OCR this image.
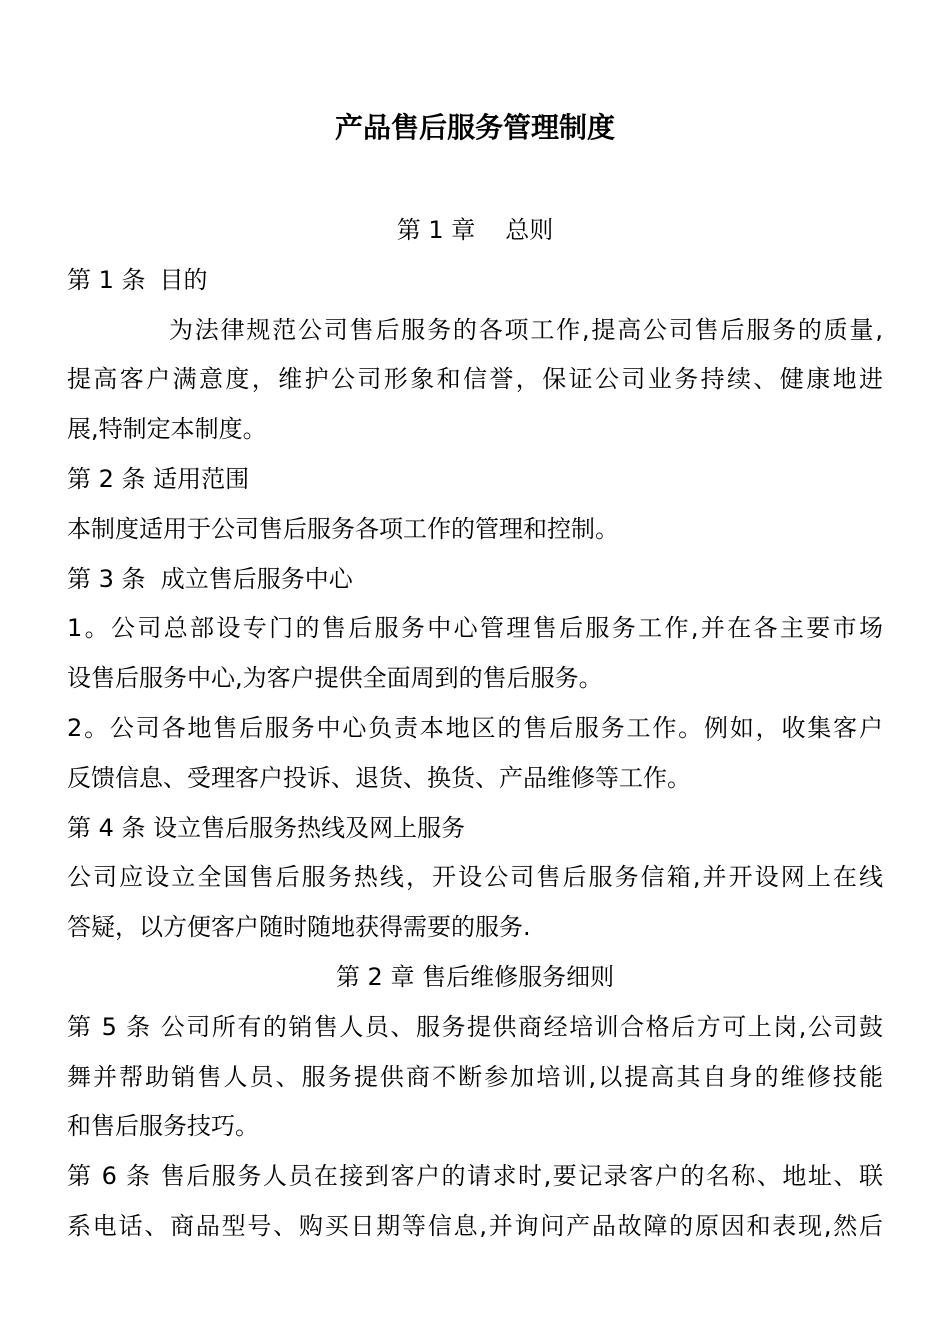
产品售后服务管理制度
第 1 章 总则
第 1 条 目的
为法律规范公司售后服务的各项工作,提高公司售后服务的质量,
提高客户满意度，维护公司形象和信誉，保证公司业务持续、健康地进
展,特制定本制度。
第 2 条 适用范围
本制度适用于公司售后服务各项工作的管理和控制。
第 3 条  成立售后服务中心
1。公司总部设专门的售后服务中心管理售后服务工作,并在各主要市场
设售后服务中心,为客户提供全面周到的售后服务。
2。公司各地售后服务中心负责本地区的售后服务工作。例如，收集客户
反馈信息、受理客户投诉、退货、换货、产品维修等工作。
第 4 条 设立售后服务热线及网上服务
公司应设立全国售后服务热线，开设公司售后服务信箱,并开设网上在线
答疑，以方便客户随时随地获得需要的服务.
第 2 章 售后维修服务细则
第 5 条 公司所有的销售人员、服务提供商经培训合格后方可上岗,公司鼓
舞并帮助销售人员、服务提供商不断参加培训,以提高其自身的维修技能
和售后服务技巧。
第 6 条 售后服务人员在接到客户的请求时,要记录客户的名称、地址、联
系电话、商品型号、购买日期等信息,并询问产品故障的原因和表现,然后
